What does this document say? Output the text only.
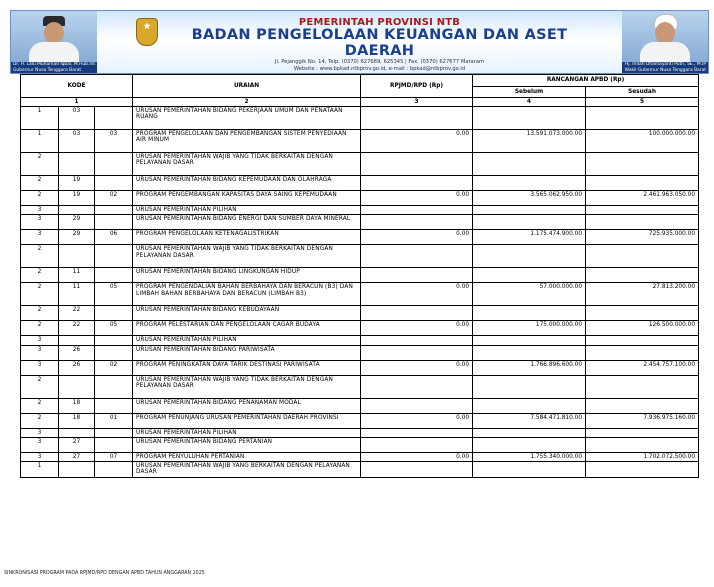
Dr. H. Lalu Muhamad Iqbal, M.Hub.Int
Gubernur Nusa Tenggara Barat
PEMERINTAH PROVINSI NTB
BADAN PENGELOLAAN KEUANGAN DAN ASET DAERAH
Jl. Pejanggik No. 14, Telp. (0370) 627689, 625345 | Fax. (0370) 627677 Mataram
Website : www.bpkad.ntbprov.go.id, e-mail : bpkad@ntbprov.go.id
Hj. Indah Dhamayanti Putri, SE., M.IP
Wakil Gubernur Nusa Tenggara Barat
KODE			URAIAN	RPJMD/RPD (Rp)	RANCANGAN APBD (Rp)	
					Sebelum	Sesudah
1			2	3	4	5
1	03		URUSAN PEMERINTAHAN BIDANG PEKERJAAN UMUM DAN PENATAAN RUANG			
1	03	03	PROGRAM PENGELOLAAN DAN PENGEMBANGAN SISTEM PENYEDIAAN AIR MINUM	0.00	13.591.073.000.00	100.000.000.00
2			URUSAN PEMERINTAHAN WAJIB YANG TIDAK BERKAITAN DENGAN PELAYANAN DASAR			
2	19		URUSAN PEMERINTAHAN BIDANG KEPEMUDAAN DAN OLAHRAGA			
2	19	02	PROGRAM PENGEMBANGAN KAPASITAS DAYA SAING KEPEMUDAAN	0.00	3.565.062.950.00	2.461.963.050.00
3			URUSAN PEMERINTAHAN PILIHAN			
3	29		URUSAN PEMERINTAHAN BIDANG ENERGI DAN SUMBER DAYA MINERAL			
3	29	06	PROGRAM PENGELOLAAN KETENAGALISTRIKAN	0.00	1.175.474.900.00	725.935.000.00
2			URUSAN PEMERINTAHAN WAJIB YANG TIDAK BERKAITAN DENGAN PELAYANAN DASAR			
2	11		URUSAN PEMERINTAHAN BIDANG LINGKUNGAN HIDUP			
2	11	05	PROGRAM PENGENDALIAN BAHAN BERBAHAYA DAN BERACUN (B3) DAN LIMBAH BAHAN BERBAHAYA DAN BERACUN (LIMBAH B3)	0.00	57.000.000.00	27.813.200.00
2	22		URUSAN PEMERINTAHAN BIDANG KEBUDAYAAN			
2	22	05	PROGRAM PELESTARIAN DAN PENGELOLAAN CAGAR BUDAYA	0.00	175.000.000.00	126.500.000.00
3			URUSAN PEMERINTAHAN PILIHAN			
3	26		URUSAN PEMERINTAHAN BIDANG PARIWISATA			
3	26	02	PROGRAM PENINGKATAN DAYA TARIK DESTINASI PARIWISATA	0.00	1.766.896.600.00	2.454.757.100.00
2			URUSAN PEMERINTAHAN WAJIB YANG TIDAK BERKAITAN DENGAN PELAYANAN DASAR			
2	18		URUSAN PEMERINTAHAN BIDANG PENANAMAN MODAL			
2	18	01	PROGRAM PENUNJANG URUSAN PEMERINTAHAN DAERAH PROVINSI	0.00	7.584.471.810.00	7.936.975.160.00
3			URUSAN PEMERINTAHAN PILIHAN			
3	27		URUSAN PEMERINTAHAN BIDANG PERTANIAN			
3	27	07	PROGRAM PENYULUHAN PERTANIAN	0.00	1.755.340.000.00	1.702.072.500.00
1			URUSAN PEMERINTAHAN WAJIB YANG BERKAITAN DENGAN PELAYANAN DASAR			
SINKRONISASI PROGRAM PADA RPJMD/RPD DENGAN APBD TAHUN ANGGARAN 2025
